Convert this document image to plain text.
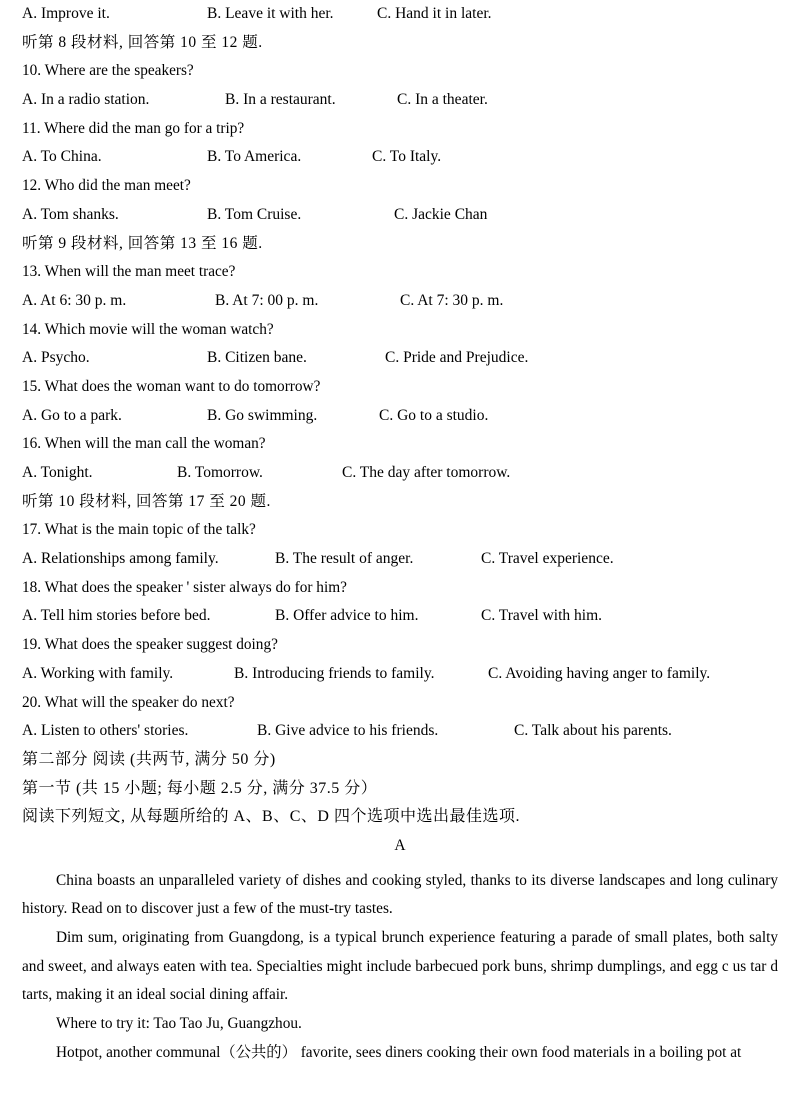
A. Improve it.	B. Leave it with her.	C. Hand it in later.
听第 8 段材料, 回答第 10 至 12 题.
10. Where are the speakers?
A. In a radio station.	B. In a restaurant.	C. In a theater.
11. Where did the man go for a trip?
A. To China.	B. To America.	C. To Italy.
12. Who did the man meet?
A. Tom shanks.	B. Tom Cruise.	C. Jackie Chan
听第 9 段材料, 回答第 13 至 16 题.
13. When will the man meet trace?
A. At 6: 30 p. m.	B. At 7: 00 p. m.	C. At 7: 30 p. m.
14. Which movie will the woman watch?
A. Psycho.	B. Citizen bane.	C. Pride and Prejudice.
15. What does the woman want to do tomorrow?
A. Go to a park.	B. Go swimming.	C. Go to a studio.
16. When will the man call the woman?
A. Tonight.	B. Tomorrow.	C. The day after tomorrow.
听第 10 段材料, 回答第 17 至 20 题.
17. What is the main topic of the talk?
A. Relationships among family.	B. The result of anger.	C. Travel experience.
18. What does the speaker ' sister always do for him?
A. Tell him stories before bed.	B. Offer advice to him.	C. Travel with him.
19. What does the speaker suggest doing?
A. Working with family.	B. Introducing friends to family.	C. Avoiding having anger to family.
20. What will the speaker do next?
A. Listen to others' stories.	B. Give advice to his friends.	C. Talk about his parents.
第二部分 阅读 (共两节, 满分 50 分)
第一节 (共 15 小题; 每小题 2.5 分, 满分 37.5 分）
阅读下列短文, 从每题所给的 A、B、C、D 四个选项中选出最佳选项.
A

China boasts an unparalleled variety of dishes and cooking styled, thanks to its diverse landscapes and long culinary history. Read on to discover just a few of the must-try tastes.

Dim sum, originating from Guangdong, is a typical brunch experience featuring a parade of small plates, both salty and sweet, and always eaten with tea. Specialties might include barbecued pork buns, shrimp dumplings, and egg c us tar d tarts, making it an ideal social dining affair.

Where to try it: Tao Tao Ju, Guangzhou.

Hotpot, another communal（公共的） favorite, sees diners cooking their own food materials in a boiling pot at
